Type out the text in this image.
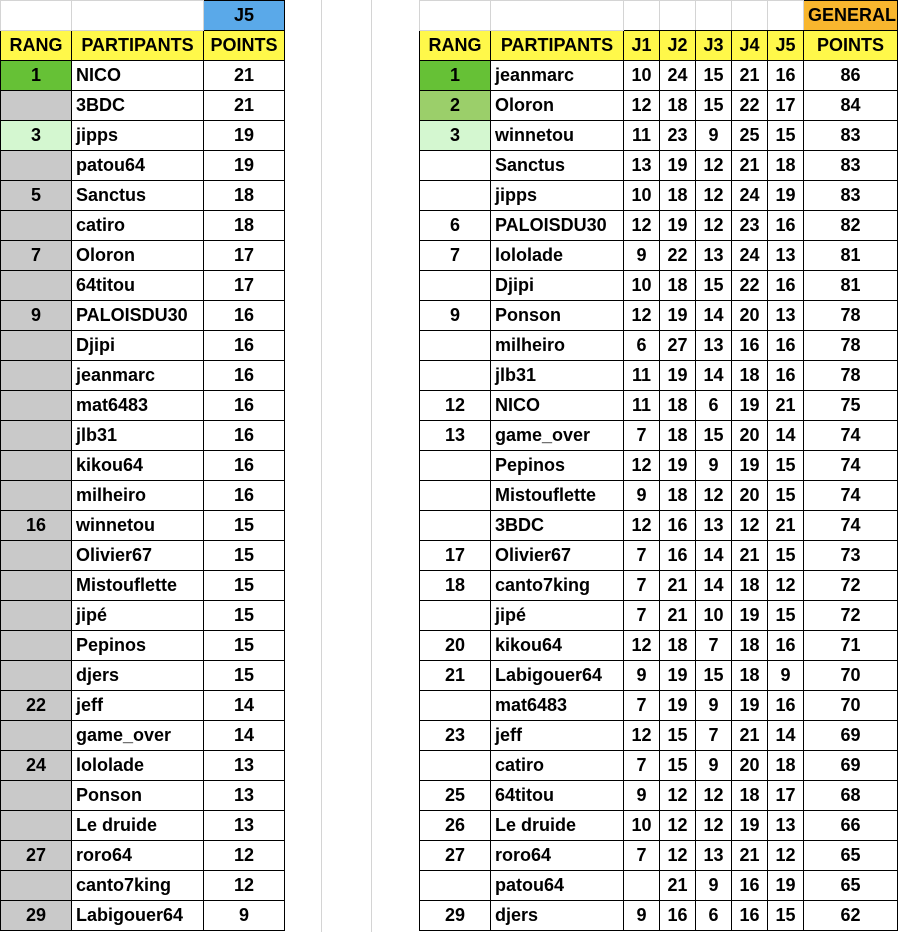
		J5
RANG	PARTIPANTS	POINTS
1	NICO	21
	3BDC	21
3	jipps	19
	patou64	19
5	Sanctus	18
	catiro	18
7	Oloron	17
	64titou	17
9	PALOISDU30	16
	Djipi	16
	jeanmarc	16
	mat6483	16
	jlb31	16
	kikou64	16
	milheiro	16
16	winnetou	15
	Olivier67	15
	Mistouflette	15
	jipé	15
	Pepinos	15
	djers	15
22	jeff	14
	game_over	14
24	lololade	13
	Ponson	13
	Le druide	13
27	roro64	12
	canto7king	12
29	Labigouer64	9
							GENERAL
RANG	PARTIPANTS	J1	J2	J3	J4	J5	POINTS
1	jeanmarc	10	24	15	21	16	86
2	Oloron	12	18	15	22	17	84
3	winnetou	11	23	9	25	15	83
	Sanctus	13	19	12	21	18	83
	jipps	10	18	12	24	19	83
6	PALOISDU30	12	19	12	23	16	82
7	lololade	9	22	13	24	13	81
	Djipi	10	18	15	22	16	81
9	Ponson	12	19	14	20	13	78
	milheiro	6	27	13	16	16	78
	jlb31	11	19	14	18	16	78
12	NICO	11	18	6	19	21	75
13	game_over	7	18	15	20	14	74
	Pepinos	12	19	9	19	15	74
	Mistouflette	9	18	12	20	15	74
	3BDC	12	16	13	12	21	74
17	Olivier67	7	16	14	21	15	73
18	canto7king	7	21	14	18	12	72
	jipé	7	21	10	19	15	72
20	kikou64	12	18	7	18	16	71
21	Labigouer64	9	19	15	18	9	70
	mat6483	7	19	9	19	16	70
23	jeff	12	15	7	21	14	69
	catiro	7	15	9	20	18	69
25	64titou	9	12	12	18	17	68
26	Le druide	10	12	12	19	13	66
27	roro64	7	12	13	21	12	65
	patou64		21	9	16	19	65
29	djers	9	16	6	16	15	62
